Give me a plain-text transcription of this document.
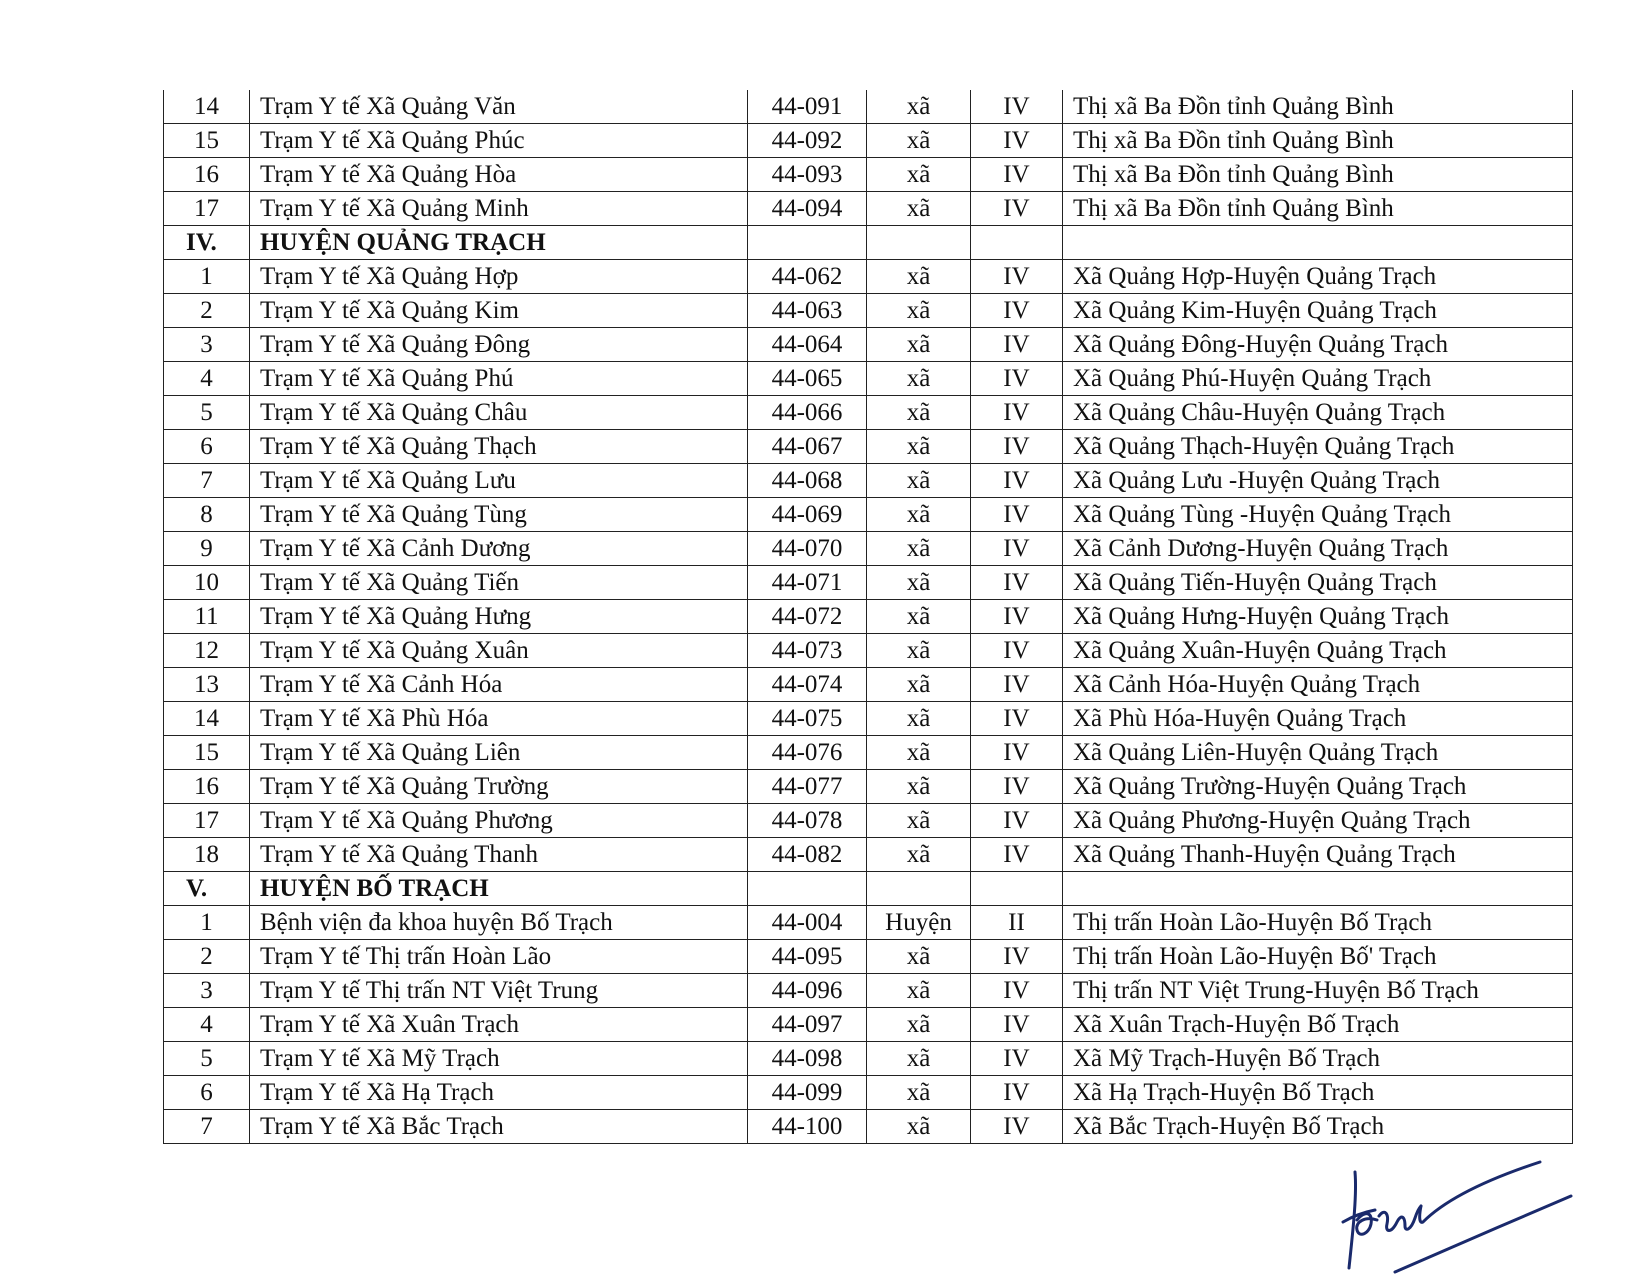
14	Trạm Y tế Xã Quảng Văn	44-091	xã	IV	Thị xã Ba Đồn tỉnh Quảng Bình
15	Trạm Y tế Xã Quảng Phúc	44-092	xã	IV	Thị xã Ba Đồn tỉnh Quảng Bình
16	Trạm Y tế Xã Quảng Hòa	44-093	xã	IV	Thị xã Ba Đồn tỉnh Quảng Bình
17	Trạm Y tế Xã Quảng Minh	44-094	xã	IV	Thị xã Ba Đồn tỉnh Quảng Bình
IV.	HUYỆN QUẢNG TRẠCH				
1	Trạm Y tế Xã Quảng Hợp	44-062	xã	IV	Xã Quảng Hợp-Huyện Quảng Trạch
2	Trạm Y tế Xã Quảng Kim	44-063	xã	IV	Xã Quảng Kim-Huyện Quảng Trạch
3	Trạm Y tế Xã Quảng Đông	44-064	xã	IV	Xã Quảng Đông-Huyện Quảng Trạch
4	Trạm Y tế Xã Quảng Phú	44-065	xã	IV	Xã Quảng Phú-Huyện Quảng Trạch
5	Trạm Y tế Xã Quảng Châu	44-066	xã	IV	Xã Quảng Châu-Huyện Quảng Trạch
6	Trạm Y tế Xã Quảng Thạch	44-067	xã	IV	Xã Quảng Thạch-Huyện Quảng Trạch
7	Trạm Y tế Xã Quảng Lưu	44-068	xã	IV	Xã Quảng Lưu -Huyện Quảng Trạch
8	Trạm Y tế Xã Quảng Tùng	44-069	xã	IV	Xã Quảng Tùng -Huyện Quảng Trạch
9	Trạm Y tế Xã Cảnh Dương	44-070	xã	IV	Xã Cảnh Dương-Huyện Quảng Trạch
10	Trạm Y tế Xã Quảng Tiến	44-071	xã	IV	Xã Quảng Tiến-Huyện Quảng Trạch
11	Trạm Y tế Xã Quảng Hưng	44-072	xã	IV	Xã Quảng Hưng-Huyện Quảng Trạch
12	Trạm Y tế Xã Quảng Xuân	44-073	xã	IV	Xã Quảng Xuân-Huyện Quảng Trạch
13	Trạm Y tế Xã Cảnh Hóa	44-074	xã	IV	Xã Cảnh Hóa-Huyện Quảng Trạch
14	Trạm Y tế Xã Phù Hóa	44-075	xã	IV	Xã Phù Hóa-Huyện Quảng Trạch
15	Trạm Y tế Xã Quảng Liên	44-076	xã	IV	Xã Quảng Liên-Huyện Quảng Trạch
16	Trạm Y tế Xã Quảng Trường	44-077	xã	IV	Xã Quảng Trường-Huyện Quảng Trạch
17	Trạm Y tế Xã Quảng Phương	44-078	xã	IV	Xã Quảng Phương-Huyện Quảng Trạch
18	Trạm Y tế Xã Quảng Thanh	44-082	xã	IV	Xã Quảng Thanh-Huyện Quảng Trạch
V.	HUYỆN BỐ TRẠCH				
1	Bệnh viện đa khoa huyện Bố Trạch	44-004	Huyện	II	Thị trấn Hoàn Lão-Huyện Bố Trạch
2	Trạm Y tế Thị trấn Hoàn Lão	44-095	xã	IV	Thị trấn Hoàn Lão-Huyện Bố' Trạch
3	Trạm Y tế Thị trấn NT Việt Trung	44-096	xã	IV	Thị trấn NT Việt Trung-Huyện Bố Trạch
4	Trạm Y tế Xã Xuân Trạch	44-097	xã	IV	Xã Xuân Trạch-Huyện Bố Trạch
5	Trạm Y tế Xã Mỹ Trạch	44-098	xã	IV	Xã Mỹ Trạch-Huyện Bố Trạch
6	Trạm Y tế Xã Hạ Trạch	44-099	xã	IV	Xã Hạ Trạch-Huyện Bố Trạch
7	Trạm Y tế Xã Bắc Trạch	44-100	xã	IV	Xã Bắc Trạch-Huyện Bố Trạch
